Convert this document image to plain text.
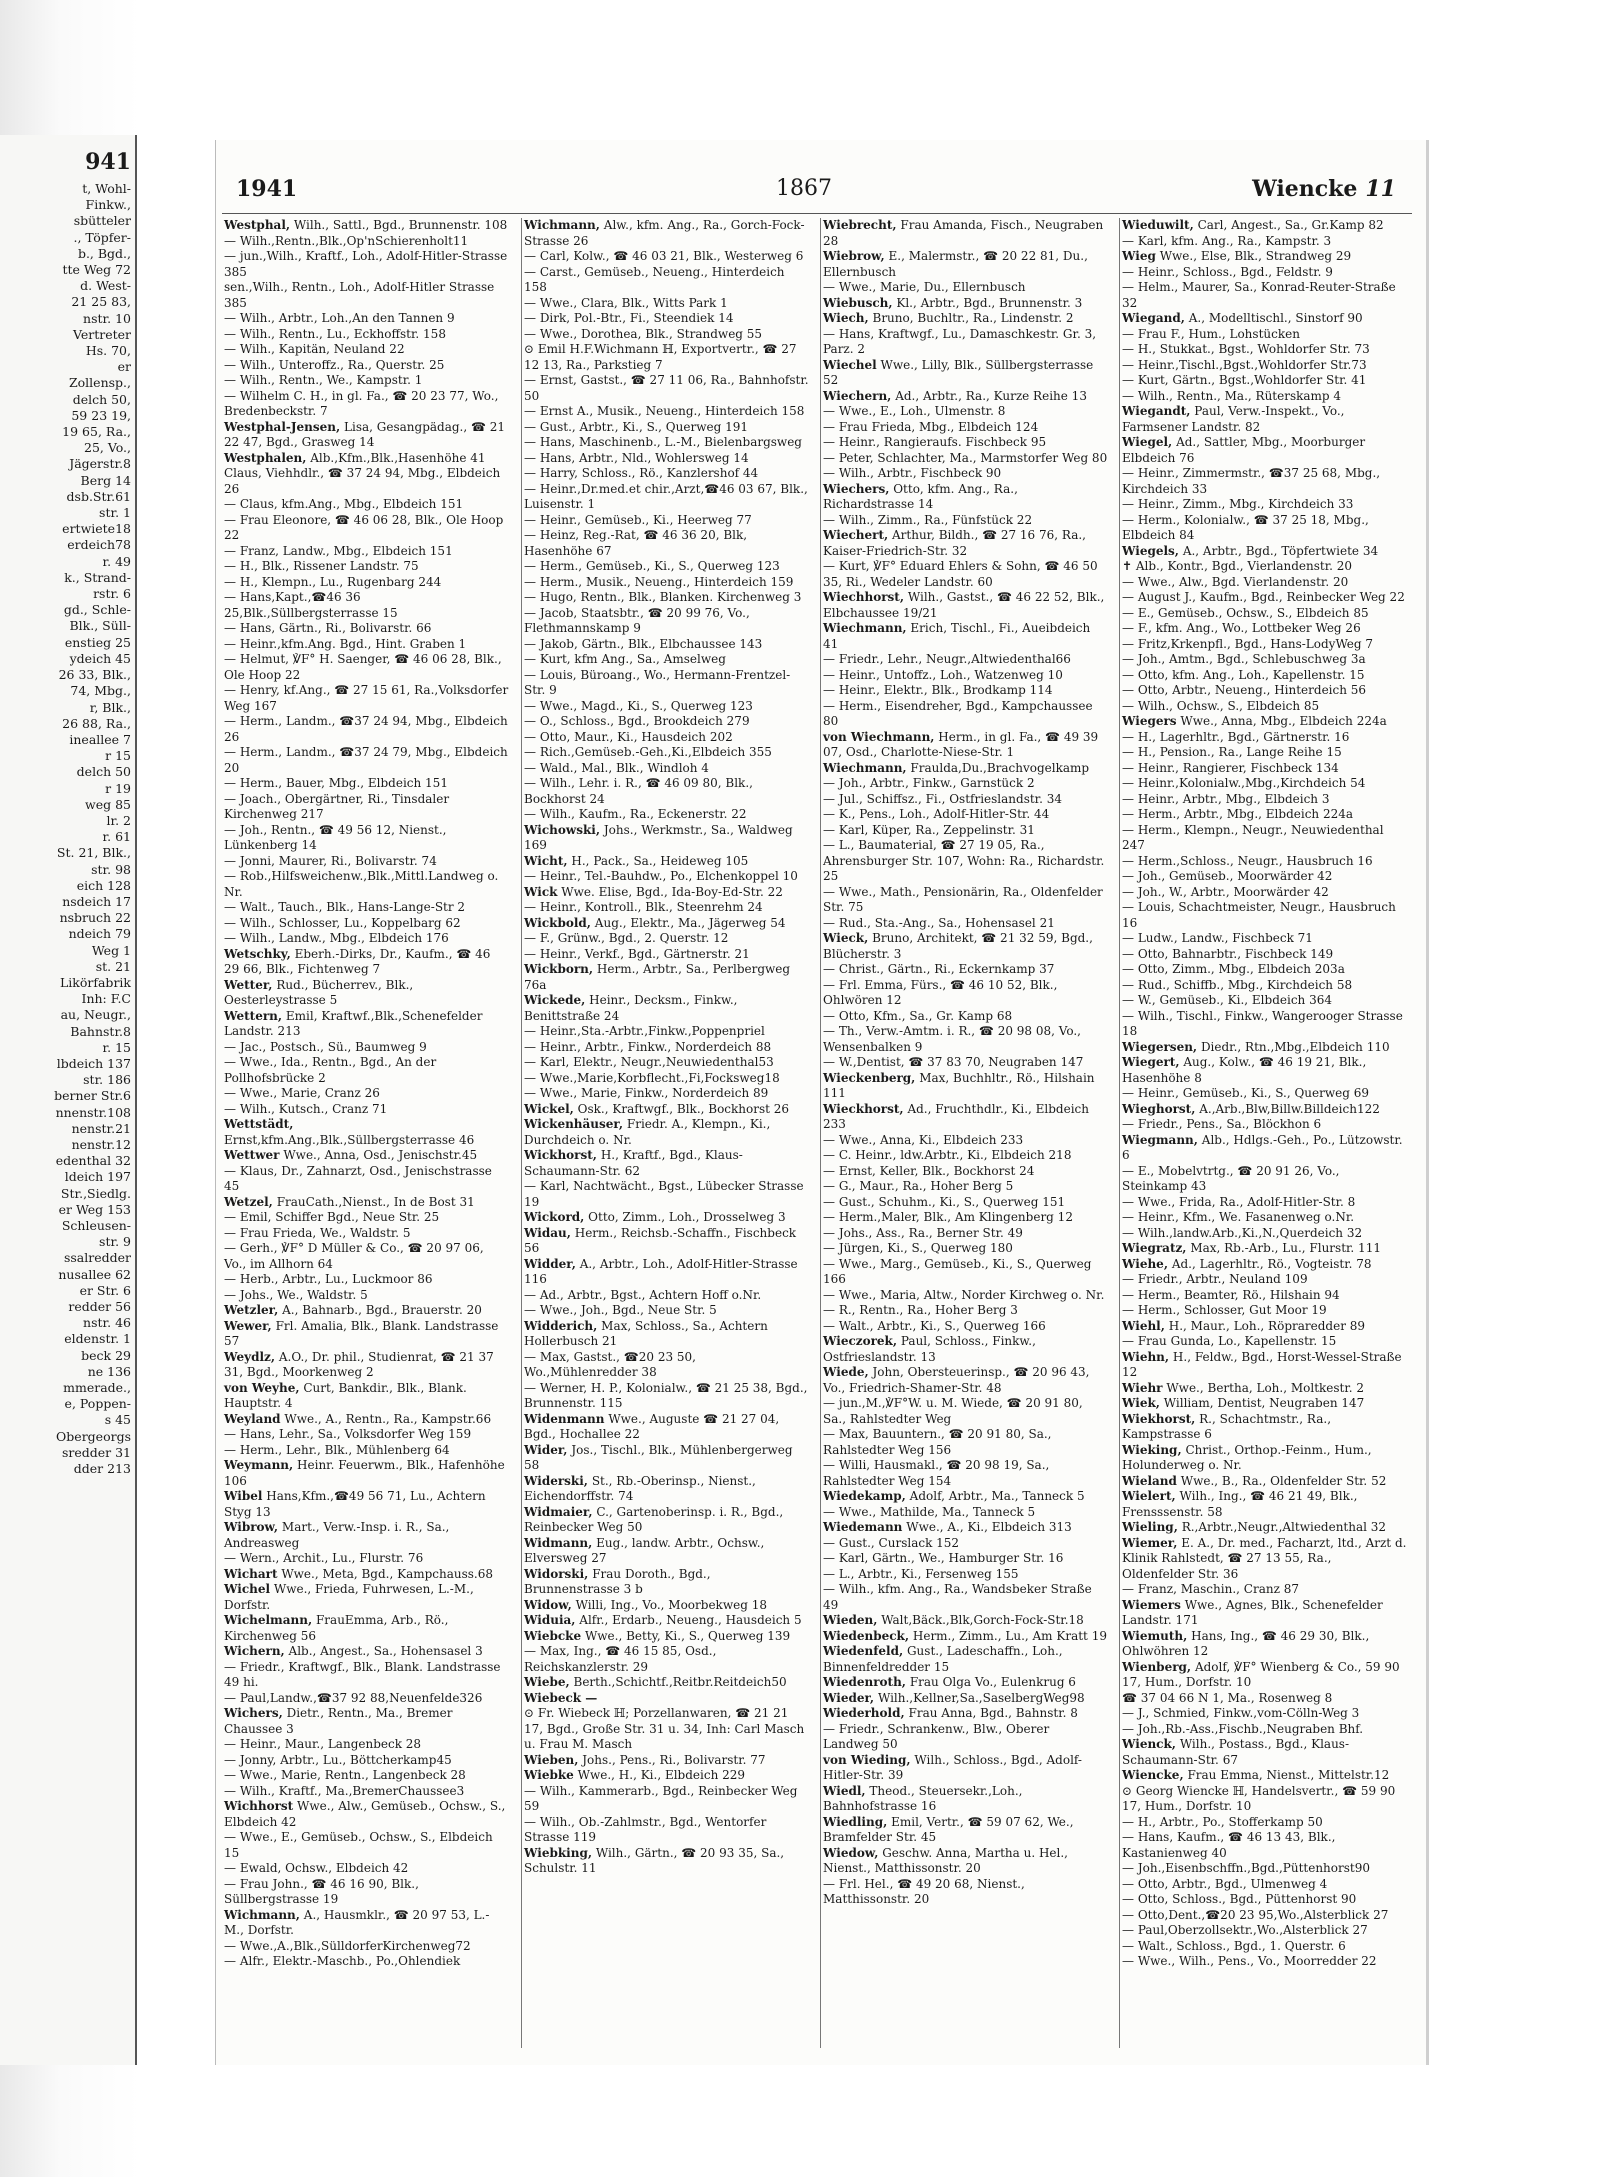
941
t, Wohl-
Finkw.,
sbütteler
., Töpfer-
b., Bgd.,
tte Weg 72
d. West-
21 25 83,
nstr. 10
Vertreter
Hs. 70,
er
Zollensp.,
delch 50,
59 23 19,
19 65, Ra.,
25, Vo.,
Jägerstr.8
Berg 14
dsb.Str.61
str. 1
ertwiete18
erdeich78
r. 49
k., Strand-
rstr. 6
gd., Schle-
Blk., Süll-
enstieg 25
ydeich 45
26 33, Blk.,
74, Mbg.,
r, Blk.,
26 88, Ra.,
ineallee 7
r 15
delch 50
r 19
weg 85
lr. 2
r. 61
St. 21, Blk.,
str. 98
eich 128
nsdeich 17
nsbruch 22
ndeich 79
Weg 1
st. 21
Likörfabrik
Inh: F.C
au, Neugr.,
Bahnstr.8
r. 15
lbdeich 137
str. 186
berner Str.6
nnenstr.108
nenstr.21
nenstr.12
edenthal 32
ldeich 197
Str.,Siedlg.
er Weg 153
Schleusen-
str. 9
ssalredder
nusallee 62
er Str. 6
redder 56
nstr. 46
eldenstr. 1
beck 29
ne 136
mmerade.,
e, Poppen-
s 45
Obergeorgs
sredder 31
dder 213
1941	1867	Wiencke 11

Westphal, Wilh., Sattl., Bgd., Brunnenstr. 108

— Wilh.,Rentn.,Blk.,Op'nSchierenholt11

— jun.,Wilh., Kraftf., Loh., Adolf-Hitler-Strasse 385

sen.,Wilh., Rentn., Loh., Adolf-Hitler Strasse 385

— Wilh., Arbtr., Loh.,An den Tannen 9

— Wilh., Rentn., Lu., Eckhoffstr. 158

— Wilh., Kapitän, Neuland 22

— Wilh., Unteroffz., Ra., Querstr. 25

— Wilh., Rentn., We., Kampstr. 1

— Wilhelm C. H., in gl. Fa., ☎ 20 23 77, Wo., Bredenbeckstr. 7

Westphal-Jensen, Lisa, Gesangpädag., ☎ 21 22 47, Bgd., Grasweg 14

Westphalen, Alb.,Kfm.,Blk.,Hasenhöhe 41 Claus, Viehhdlr., ☎ 37 24 94, Mbg., Elbdeich 26

— Claus, kfm.Ang., Mbg., Elbdeich 151

— Frau Eleonore, ☎ 46 06 28, Blk., Ole Hoop 22

— Franz, Landw., Mbg., Elbdeich 151

— H., Blk., Rissener Landstr. 75

— H., Klempn., Lu., Rugenbarg 244

— Hans,Kapt.,☎46 36 25,Blk.,Süllbergsterrasse 15

— Hans, Gärtn., Ri., Bolivarstr. 66

— Heinr.,kfm.Ang. Bgd., Hint. Graben 1

— Helmut, ℣F° H. Saenger, ☎ 46 06 28, Blk., Ole Hoop 22

— Henry, kf.Ang., ☎ 27 15 61, Ra.,Volksdorfer Weg 167

— Herm., Landm., ☎37 24 94, Mbg., Elbdeich 26

— Herm., Landm., ☎37 24 79, Mbg., Elbdeich 20

— Herm., Bauer, Mbg., Elbdeich 151

— Joach., Obergärtner, Ri., Tinsdaler Kirchenweg 217

— Joh., Rentn., ☎ 49 56 12, Nienst., Lünkenberg 14

— Jonni, Maurer, Ri., Bolivarstr. 74

— Rob.,Hilfsweichenw.,Blk.,Mittl.Landweg o. Nr.

— Walt., Tauch., Blk., Hans-Lange-Str 2

— Wilh., Schlosser, Lu., Koppelbarg 62

— Wilh., Landw., Mbg., Elbdeich 176

Wetschky, Eberh.-Dirks, Dr., Kaufm., ☎ 46 29 66, Blk., Fichtenweg 7

Wetter, Rud., Bücherrev., Blk., Oesterleystrasse 5

Wettern, Emil, Kraftwf.,Blk.,Schenefelder Landstr. 213

— Jac., Postsch., Sü., Baumweg 9

— Wwe., Ida., Rentn., Bgd., An der Pollhofsbrücke 2

— Wwe., Marie, Cranz 26

— Wilh., Kutsch., Cranz 71

Wettstädt, Ernst,kfm.Ang.,Blk.,Süllbergsterrasse 46

Wettwer Wwe., Anna, Osd., Jenischstr.45

— Klaus, Dr., Zahnarzt, Osd., Jenischstrasse 45

Wetzel, FrauCath.,Nienst., In de Bost 31

— Emil, Schiffer Bgd., Neue Str. 25

— Frau Frieda, We., Waldstr. 5

— Gerh., ℣F° D Müller & Co., ☎ 20 97 06, Vo., im Allhorn 64

— Herb., Arbtr., Lu., Luckmoor 86

— Johs., We., Waldstr. 5

Wetzler, A., Bahnarb., Bgd., Brauerstr. 20

Wewer, Frl. Amalia, Blk., Blank. Landstrasse 57

Weydlz, A.O., Dr. phil., Studienrat, ☎ 21 37 31, Bgd., Moorkenweg 2

von Weyhe, Curt, Bankdir., Blk., Blank. Hauptstr. 4

Weyland Wwe., A., Rentn., Ra., Kampstr.66

— Hans, Lehr., Sa., Volksdorfer Weg 159

— Herm., Lehr., Blk., Mühlenberg 64

Weymann, Heinr. Feuerwm., Blk., Hafenhöhe 106

Wibel Hans,Kfm.,☎49 56 71, Lu., Achtern Styg 13

Wibrow, Mart., Verw.-Insp. i. R., Sa., Andreasweg

— Wern., Archit., Lu., Flurstr. 76

Wichart Wwe., Meta, Bgd., Kampchauss.68

Wichel Wwe., Frieda, Fuhrwesen, L.-M., Dorfstr.

Wichelmann, FrauEmma, Arb., Rö., Kirchenweg 56

Wichern, Alb., Angest., Sa., Hohensasel 3

— Friedr., Kraftwgf., Blk., Blank. Landstrasse 49 hi.

— Paul,Landw.,☎37 92 88,Neuenfelde326

Wichers, Dietr., Rentn., Ma., Bremer Chaussee 3

— Heinr., Maur., Langenbeck 28

— Jonny, Arbtr., Lu., Böttcherkamp45

— Wwe., Marie, Rentn., Langenbeck 28

— Wilh., Kraftf., Ma.,BremerChaussee3

Wichhorst Wwe., Alw., Gemüseb., Ochsw., S., Elbdeich 42

— Wwe., E., Gemüseb., Ochsw., S., Elbdeich 15

— Ewald, Ochsw., Elbdeich 42

— Frau John., ☎ 46 16 90, Blk., Süllbergstrasse 19

Wichmann, A., Hausmklr., ☎ 20 97 53, L.-M., Dorfstr.

— Wwe.,A.,Blk.,SülldorferKirchenweg72

— Alfr., Elektr.-Maschb., Po.,Ohlendiek

Wichmann, Alw., kfm. Ang., Ra., Gorch-Fock-Strasse 26

— Carl, Kolw., ☎ 46 03 21, Blk., Westerweg 6

— Carst., Gemüseb., Neueng., Hinterdeich 158

— Wwe., Clara, Blk., Witts Park 1

— Dirk, Pol.-Btr., Fi., Steendiek 14

— Wwe., Dorothea, Blk., Strandweg 55

⊙ Emil H.F.Wichmann ℍ, Exportvertr., ☎ 27 12 13, Ra., Parkstieg 7

— Ernst, Gastst., ☎ 27 11 06, Ra., Bahnhofstr. 50

— Ernst A., Musik., Neueng., Hinterdeich 158

— Gust., Arbtr., Ki., S., Querweg 191

— Hans, Maschinenb., L.-M., Bielenbargsweg

— Hans, Arbtr., Nld., Wohlersweg 14

— Harry, Schloss., Rö., Kanzlershof 44

— Heinr.,Dr.med.et chir.,Arzt,☎46 03 67, Blk., Luisenstr. 1

— Heinr., Gemüseb., Ki., Heerweg 77

— Heinz, Reg.-Rat, ☎ 46 36 20, Blk, Hasenhöhe 67

— Herm., Gemüseb., Ki., S., Querweg 123

— Herm., Musik., Neueng., Hinterdeich 159

— Hugo, Rentn., Blk., Blanken. Kirchenweg 3

— Jacob, Staatsbtr., ☎ 20 99 76, Vo., Flethmannskamp 9

— Jakob, Gärtn., Blk., Elbchaussee 143

— Kurt, kfm Ang., Sa., Amselweg

— Louis, Büroang., Wo., Hermann-Frentzel-Str. 9

— Wwe., Magd., Ki., S., Querweg 123

— O., Schloss., Bgd., Brookdeich 279

— Otto, Maur., Ki., Hausdeich 202

— Rich.,Gemüseb.-Geh.,Ki.,Elbdeich 355

— Wald., Mal., Blk., Windloh 4

— Wilh., Lehr. i. R., ☎ 46 09 80, Blk., Bockhorst 24

— Wilh., Kaufm., Ra., Eckenerstr. 22

Wichowski, Johs., Werkmstr., Sa., Waldweg 169

Wicht, H., Pack., Sa., Heideweg 105

— Heinr., Tel.-Bauhdw., Po., Elchenkoppel 10

Wick Wwe. Elise, Bgd., Ida-Boy-Ed-Str. 22

— Heinr., Kontroll., Blk., Steenrehm 24

Wickbold, Aug., Elektr., Ma., Jägerweg 54

— F., Grünw., Bgd., 2. Querstr. 12

— Heinr., Verkf., Bgd., Gärtnerstr. 21

Wickborn, Herm., Arbtr., Sa., Perlbergweg 76a

Wickede, Heinr., Decksm., Finkw., Benittstraße 24

— Heinr.,Sta.-Arbtr.,Finkw.,Poppenpriel

— Heinr., Arbtr., Finkw., Norderdeich 88

— Karl, Elektr., Neugr.,Neuwiedenthal53

— Wwe.,Marie,Korbflecht.,Fi,Focksweg18

— Wwe., Marie, Finkw., Norderdeich 89

Wickel, Osk., Kraftwgf., Blk., Bockhorst 26

Wickenhäuser, Friedr. A., Klempn., Ki., Durchdeich o. Nr.

Wickhorst, H., Kraftf., Bgd., Klaus-Schaumann-Str. 62

— Karl, Nachtwächt., Bgst., Lübecker Strasse 19

Wickord, Otto, Zimm., Loh., Drosselweg 3

Widau, Herm., Reichsb.-Schaffn., Fischbeck 56

Widder, A., Arbtr., Loh., Adolf-Hitler-Strasse 116

— Ad., Arbtr., Bgst., Achtern Hoff o.Nr.

— Wwe., Joh., Bgd., Neue Str. 5

Widderich, Max, Schloss., Sa., Achtern Hollerbusch 21

— Max, Gastst., ☎20 23 50, Wo.,Mühlenredder 38

— Werner, H. P., Kolonialw., ☎ 21 25 38, Bgd., Brunnenstr. 115

Widenmann Wwe., Auguste ☎ 21 27 04, Bgd., Hochallee 22

Wider, Jos., Tischl., Blk., Mühlenbergerweg 58

Widerski, St., Rb.-Oberinsp., Nienst., Eichendorffstr. 74

Widmaier, C., Gartenoberinsp. i. R., Bgd., Reinbecker Weg 50

Widmann, Eug., landw. Arbtr., Ochsw., Elversweg 27

Widorski, Frau Doroth., Bgd., Brunnenstrasse 3 b

Widow, Willi, Ing., Vo., Moorbekweg 18

Widuia, Alfr., Erdarb., Neueng., Hausdeich 5

Wiebcke Wwe., Betty, Ki., S., Querweg 139

— Max, Ing., ☎ 46 15 85, Osd., Reichskanzlerstr. 29

Wiebe, Berth.,Schichtf.,Reitbr.Reitdeich50

Wiebeck —

⊙ Fr. Wiebeck ℍ; Porzellanwaren, ☎ 21 21 17, Bgd., Große Str. 31 u. 34, Inh: Carl Masch u. Frau M. Masch

Wieben, Johs., Pens., Ri., Bolivarstr. 77

Wiebke Wwe., H., Ki., Elbdeich 229

— Wilh., Kammerarb., Bgd., Reinbecker Weg 59

— Wilh., Ob.-Zahlmstr., Bgd., Wentorfer Strasse 119

Wiebking, Wilh., Gärtn., ☎ 20 93 35, Sa., Schulstr. 11

Wiebrecht, Frau Amanda, Fisch., Neugraben 28

Wiebrow, E., Malermstr., ☎ 20 22 81, Du., Ellernbusch

— Wwe., Marie, Du., Ellernbusch

Wiebusch, Kl., Arbtr., Bgd., Brunnenstr. 3

Wiech, Bruno, Buchltr., Ra., Lindenstr. 2

— Hans, Kraftwgf., Lu., Damaschkestr. Gr. 3, Parz. 2

Wiechel Wwe., Lilly, Blk., Süllbergsterrasse 52

Wiechern, Ad., Arbtr., Ra., Kurze Reihe 13

— Wwe., E., Loh., Ulmenstr. 8

— Frau Frieda, Mbg., Elbdeich 124

— Heinr., Rangieraufs. Fischbeck 95

— Peter, Schlachter, Ma., Marmstorfer Weg 80

— Wilh., Arbtr., Fischbeck 90

Wiechers, Otto, kfm. Ang., Ra., Richardstrasse 14

— Wilh., Zimm., Ra., Fünfstück 22

Wiechert, Arthur, Bildh., ☎ 27 16 76, Ra., Kaiser-Friedrich-Str. 32

— Kurt, ℣F° Eduard Ehlers & Sohn, ☎ 46 50 35, Ri., Wedeler Landstr. 60

Wiechhorst, Wilh., Gastst., ☎ 46 22 52, Blk., Elbchaussee 19/21

Wiechmann, Erich, Tischl., Fi., Aueibdeich 41

— Friedr., Lehr., Neugr.,Altwiedenthal66

— Heinr., Untoffz., Loh., Watzenweg 10

— Heinr., Elektr., Blk., Brodkamp 114

— Herm., Eisendreher, Bgd., Kampchaussee 80

von Wiechmann, Herm., in gl. Fa., ☎ 49 39 07, Osd., Charlotte-Niese-Str. 1

Wiechmann, Fraulda,Du.,Brachvogelkamp

— Joh., Arbtr., Finkw., Garnstück 2

— Jul., Schiffsz., Fi., Ostfrieslandstr. 34

— K., Pens., Loh., Adolf-Hitler-Str. 44

— Karl, Küper, Ra., Zeppelinstr. 31

— L., Baumaterial, ☎ 27 19 05, Ra., Ahrensburger Str. 107, Wohn: Ra., Richardstr. 25

— Wwe., Math., Pensionärin, Ra., Oldenfelder Str. 75

— Rud., Sta.-Ang., Sa., Hohensasel 21

Wieck, Bruno, Architekt, ☎ 21 32 59, Bgd., Blücherstr. 3

— Christ., Gärtn., Ri., Eckernkamp 37

— Frl. Emma, Fürs., ☎ 46 10 52, Blk., Ohlwören 12

— Otto, Kfm., Sa., Gr. Kamp 68

— Th., Verw.-Amtm. i. R., ☎ 20 98 08, Vo., Wensenbalken 9

— W.,Dentist, ☎ 37 83 70, Neugraben 147

Wieckenberg, Max, Buchhltr., Rö., Hilshain 111

Wieckhorst, Ad., Fruchthdlr., Ki., Elbdeich 233

— Wwe., Anna, Ki., Elbdeich 233

— C. Heinr., ldw.Arbtr., Ki., Elbdeich 218

— Ernst, Keller, Blk., Bockhorst 24

— G., Maur., Ra., Hoher Berg 5

— Gust., Schuhm., Ki., S., Querweg 151

— Herm.,Maler, Blk., Am Klingenberg 12

— Johs., Ass., Ra., Berner Str. 49

— Jürgen, Ki., S., Querweg 180

— Wwe., Marg., Gemüseb., Ki., S., Querweg 166

— Wwe., Maria, Altw., Norder Kirchweg o. Nr.

— R., Rentn., Ra., Hoher Berg 3

— Walt., Arbtr., Ki., S., Querweg 166

Wieczorek, Paul, Schloss., Finkw., Ostfrieslandstr. 13

Wiede, John, Obersteuerinsp., ☎ 20 96 43, Vo., Friedrich-Shamer-Str. 48

— jun.,M.,℣F°W. u. M. Wiede, ☎ 20 91 80, Sa., Rahlstedter Weg

— Max, Bauuntern., ☎ 20 91 80, Sa., Rahlstedter Weg 156

— Willi, Hausmakl., ☎ 20 98 19, Sa., Rahlstedter Weg 154

Wiedekamp, Adolf, Arbtr., Ma., Tanneck 5

— Wwe., Mathilde, Ma., Tanneck 5

Wiedemann Wwe., A., Ki., Elbdeich 313

— Gust., Curslack 152

— Karl, Gärtn., We., Hamburger Str. 16

— L., Arbtr., Ki., Fersenweg 155

— Wilh., kfm. Ang., Ra., Wandsbeker Straße 49

Wieden, Walt,Bäck.,Blk,Gorch-Fock-Str.18

Wiedenbeck, Herm., Zimm., Lu., Am Kratt 19

Wiedenfeld, Gust., Ladeschaffn., Loh., Binnenfeldredder 15

Wiedenroth, Frau Olga Vo., Eulenkrug 6

Wieder, Wilh.,Kellner,Sa.,SaselbergWeg98

Wiederhold, Frau Anna, Bgd., Bahnstr. 8

— Friedr., Schrankenw., Blw., Oberer Landweg 50

von Wieding, Wilh., Schloss., Bgd., Adolf-Hitler-Str. 39

Wiedl, Theod., Steuersekr.,Loh., Bahnhofstrasse 16

Wiedling, Emil, Vertr., ☎ 59 07 62, We., Bramfelder Str. 45

Wiedow, Geschw. Anna, Martha u. Hel., Nienst., Matthissonstr. 20

— Frl. Hel., ☎ 49 20 68, Nienst., Matthissonstr. 20

Wieduwilt, Carl, Angest., Sa., Gr.Kamp 82

— Karl, kfm. Ang., Ra., Kampstr. 3

Wieg Wwe., Else, Blk., Strandweg 29

— Heinr., Schloss., Bgd., Feldstr. 9

— Helm., Maurer, Sa., Konrad-Reuter-Straße 32

Wiegand, A., Modelltischl., Sinstorf 90

— Frau F., Hum., Lohstücken

— H., Stukkat., Bgst., Wohldorfer Str. 73

— Heinr.,Tischl.,Bgst.,Wohldorfer Str.73

— Kurt, Gärtn., Bgst.,Wohldorfer Str. 41

— Wilh., Rentn., Ma., Rüterskamp 4

Wiegandt, Paul, Verw.-Inspekt., Vo., Farmsener Landstr. 82

Wiegel, Ad., Sattler, Mbg., Moorburger Elbdeich 76

— Heinr., Zimmermstr., ☎37 25 68, Mbg., Kirchdeich 33

— Heinr., Zimm., Mbg., Kirchdeich 33

— Herm., Kolonialw., ☎ 37 25 18, Mbg., Elbdeich 84

Wiegels, A., Arbtr., Bgd., Töpfertwiete 34

✝ Alb., Kontr., Bgd., Vierlandenstr. 20

— Wwe., Alw., Bgd. Vierlandenstr. 20

— August J., Kaufm., Bgd., Reinbecker Weg 22

— E., Gemüseb., Ochsw., S., Elbdeich 85

— F., kfm. Ang., Wo., Lottbeker Weg 26

— Fritz,Krkenpfl., Bgd., Hans-LodyWeg 7

— Joh., Amtm., Bgd., Schlebuschweg 3a

— Otto, kfm. Ang., Loh., Kapellenstr. 15

— Otto, Arbtr., Neueng., Hinterdeich 56

— Wilh., Ochsw., S., Elbdeich 85

Wiegers Wwe., Anna, Mbg., Elbdeich 224a

— H., Lagerhltr., Bgd., Gärtnerstr. 16

— H., Pension., Ra., Lange Reihe 15

— Heinr., Rangierer, Fischbeck 134

— Heinr.,Kolonialw.,Mbg.,Kirchdeich 54

— Heinr., Arbtr., Mbg., Elbdeich 3

— Herm., Arbtr., Mbg., Elbdeich 224a

— Herm., Klempn., Neugr., Neuwiedenthal 247

— Herm.,Schloss., Neugr., Hausbruch 16

— Joh., Gemüseb., Moorwärder 42

— Joh., W., Arbtr., Moorwärder 42

— Louis, Schachtmeister, Neugr., Hausbruch 16

— Ludw., Landw., Fischbeck 71

— Otto, Bahnarbtr., Fischbeck 149

— Otto, Zimm., Mbg., Elbdeich 203a

— Rud., Schiffb., Mbg., Kirchdeich 58

— W., Gemüseb., Ki., Elbdeich 364

— Wilh., Tischl., Finkw., Wangerooger Strasse 18

Wiegersen, Diedr., Rtn.,Mbg.,Elbdeich 110

Wiegert, Aug., Kolw., ☎ 46 19 21, Blk., Hasenhöhe 8

— Heinr., Gemüseb., Ki., S., Querweg 69

Wieghorst, A.,Arb.,Blw,Billw.Billdeich122

— Friedr., Pens., Sa., Blöckhon 6

Wiegmann, Alb., Hdlgs.-Geh., Po., Lützowstr. 6

— E., Mobelvtrtg., ☎ 20 91 26, Vo., Steinkamp 43

— Wwe., Frida, Ra., Adolf-Hitler-Str. 8

— Heinr., Kfm., We. Fasanenweg o.Nr.

— Wilh.,landw.Arb.,Ki.,N.,Querdeich 32

Wiegratz, Max, Rb.-Arb., Lu., Flurstr. 111

Wiehe, Ad., Lagerhltr., Rö., Vogteistr. 78

— Friedr., Arbtr., Neuland 109

— Herm., Beamter, Rö., Hilshain 94

— Herm., Schlosser, Gut Moor 19

Wiehl, H., Maur., Loh., Röpraredder 89

— Frau Gunda, Lo., Kapellenstr. 15

Wiehn, H., Feldw., Bgd., Horst-Wessel-Straße 12

Wiehr Wwe., Bertha, Loh., Moltkestr. 2

Wiek, William, Dentist, Neugraben 147

Wiekhorst, R., Schachtmstr., Ra., Kampstrasse 6

Wieking, Christ., Orthop.-Feinm., Hum., Holunderweg o. Nr.

Wieland Wwe., B., Ra., Oldenfelder Str. 52

Wielert, Wilh., Ing., ☎ 46 21 49, Blk., Frensssenstr. 58

Wieling, R.,Arbtr.,Neugr.,Altwiedenthal 32

Wiemer, E. A., Dr. med., Facharzt, ltd., Arzt d. Klinik Rahlstedt, ☎ 27 13 55, Ra., Oldenfelder Str. 36

— Franz, Maschin., Cranz 87

Wiemers Wwe., Agnes, Blk., Schenefelder Landstr. 171

Wiemuth, Hans, Ing., ☎ 46 29 30, Blk., Ohlwöhren 12

Wienberg, Adolf, ℣F° Wienberg & Co., 59 90 17, Hum., Dorfstr. 10

☎ 37 04 66 N 1, Ma., Rosenweg 8

— J., Schmied, Finkw.,vom-Cölln-Weg 3

— Joh.,Rb.-Ass.,Fischb.,Neugraben Bhf.

Wienck, Wilh., Postass., Bgd., Klaus-Schaumann-Str. 67

Wiencke, Frau Emma, Nienst., Mittelstr.12

⊙ Georg Wiencke ℍ, Handelsvertr., ☎ 59 90 17, Hum., Dorfstr. 10

— H., Arbtr., Po., Stofferkamp 50

— Hans, Kaufm., ☎ 46 13 43, Blk., Kastanienweg 40

— Joh.,Eisenbschffn.,Bgd.,Püttenhorst90

— Otto, Arbtr., Bgd., Ulmenweg 4

— Otto, Schloss., Bgd., Püttenhorst 90

— Otto,Dent.,☎20 23 95,Wo.,Alsterblick 27

— Paul,Oberzollsektr.,Wo.,Alsterblick 27

— Walt., Schloss., Bgd., 1. Querstr. 6

— Wwe., Wilh., Pens., Vo., Moorredder 22
